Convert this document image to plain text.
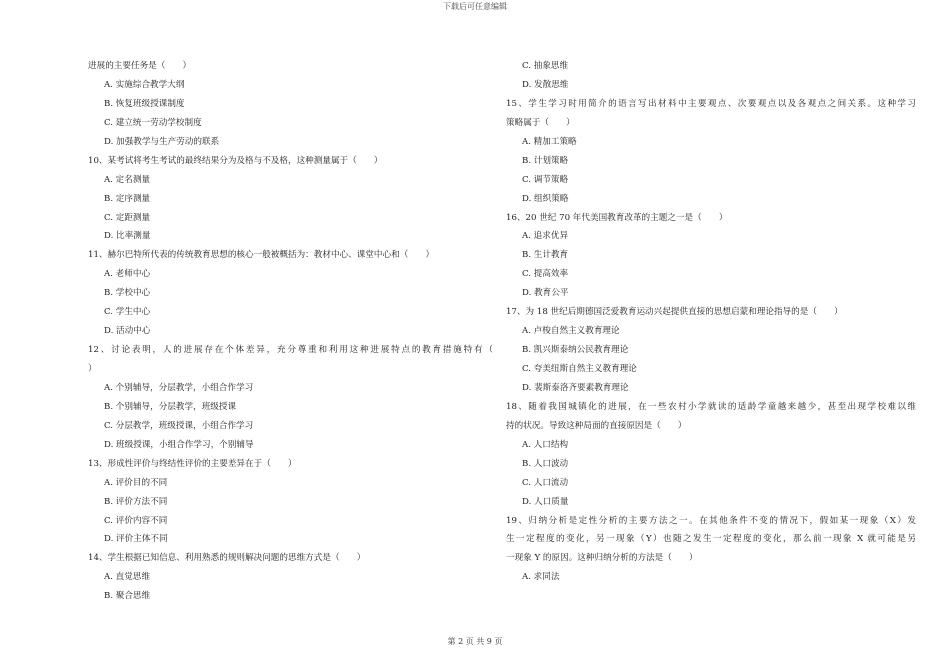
下载后可任意编辑
进展的主要任务是（　　）
A. 实施综合教学大纲
B. 恢复班级授课制度
C. 建立统一劳动学校制度
D. 加强教学与生产劳动的联系
10、某考试将考生考试的最终结果分为及格与不及格，这种测量属于（　　）
A. 定名测量
B. 定序测量
C. 定距测量
D. 比率测量
11、赫尔巴特所代表的传统教育思想的核心一般被概括为：教材中心、课堂中心和（　　）
A. 老师中心
B. 学校中心
C. 学生中心
D. 活动中心
12、讨论表明，人的进展存在个体差异，充分尊重和利用这种进展特点的教育措施特有（
）
A. 个别辅导，分层教学，小组合作学习
B. 个别辅导，分层教学，班级授课
C. 分层教学，班级授课，小组合作学习
D. 班级授课，小组合作学习，个别辅导
13、形成性评价与终结性评价的主要差异在于（　　）
A. 评价目的不同
B. 评价方法不同
C. 评价内容不同
D. 评价主体不同
14、学生根据已知信息、利用熟悉的规则解决问题的思维方式是（　　）
A. 直觉思维
B. 聚合思维
C. 抽象思维
D. 发散思维
15、学生学习时用简介的语言写出材料中主要观点、次要观点以及各观点之间关系。这种学习
策略属于（　　）
A. 精加工策略
B. 计划策略
C. 调节策略
D. 组织策略
16、20 世纪 70 年代美国教育改革的主题之一是（　　）
A. 追求优异
B. 生计教育
C. 提高效率
D. 教育公平
17、为 18 世纪后期德国泛爱教育运动兴起提供直接的思想启蒙和理论指导的是（　　）
A. 卢梭自然主义教育理论
B. 凯兴斯泰纳公民教育理论
C. 夸美纽斯自然主义教育理论
D. 裴斯泰洛齐要素教育理论
18、随着我国城镇化的进展，在一些农村小学就读的适龄学童越来越少，甚至出现学校难以维
持的状况。导致这种局面的直接原因是（　　）
A. 人口结构
B. 人口波动
C. 人口流动
D. 人口质量
19、归纳分析是定性分析的主要方法之一。在其他条件不变的情况下，假如某一现象（X）发
生一定程度的变化，另一现象（Y）也随之发生一定程度的变化，那么前一现象 X 就可能是另
一现象 Y 的原因。这种归纳分析的方法是（　　）
A. 求同法
第 2 页 共 9 页
